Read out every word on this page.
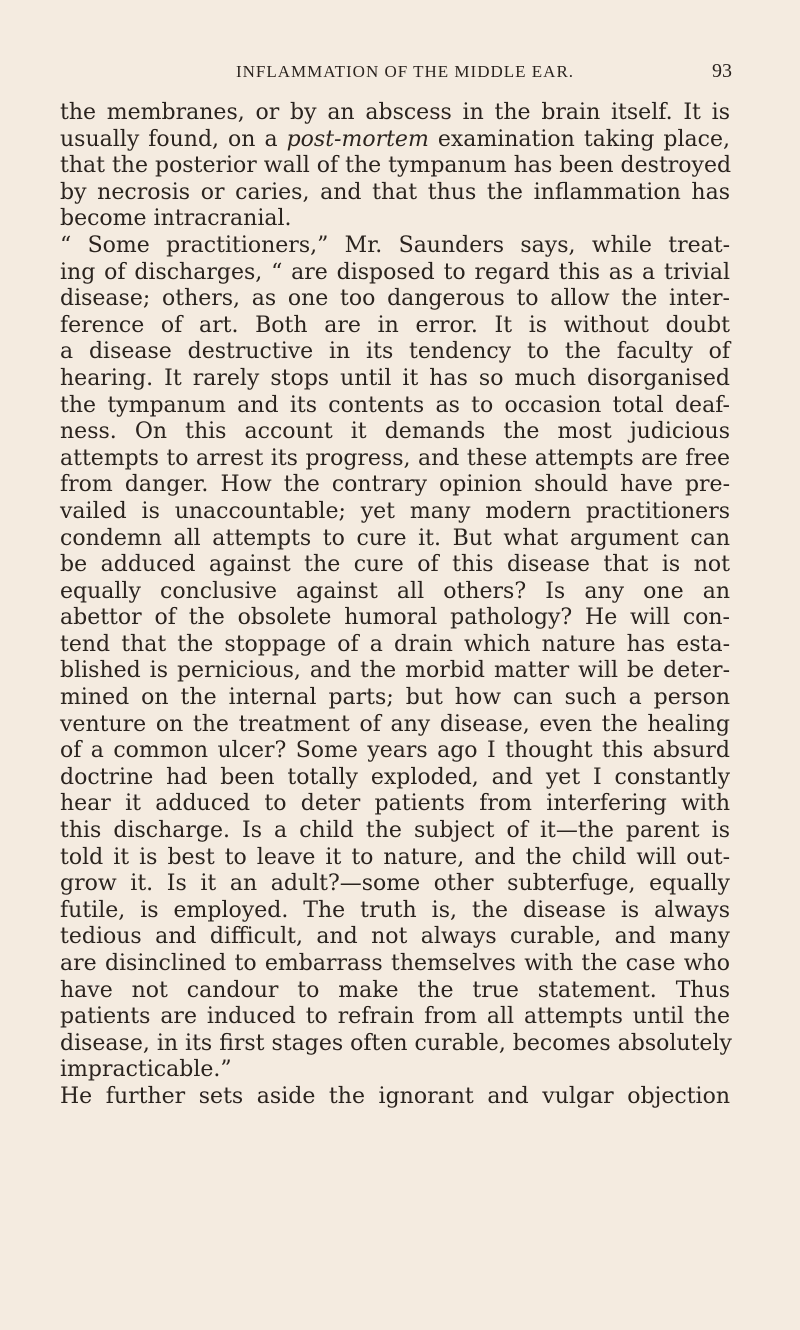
INFLAMMATION OF THE MIDDLE EAR.	93
the membranes, or by an abscess in the brain itself. It is
usually found, on a post-mortem examination taking place,
that the posterior wall of the tympanum has been destroyed
by necrosis or caries, and that thus the inflammation has
become intracranial.
“ Some practitioners,” Mr. Saunders says, while treat-
ing of discharges, “ are disposed to regard this as a trivial
disease; others, as one too dangerous to allow the inter-
ference of art. Both are in error. It is without doubt
a disease destructive in its tendency to the faculty of
hearing. It rarely stops until it has so much disorganised
the tympanum and its contents as to occasion total deaf-
ness. On this account it demands the most judicious
attempts to arrest its progress, and these attempts are free
from danger. How the contrary opinion should have pre-
vailed is unaccountable; yet many modern practitioners
condemn all attempts to cure it. But what argument can
be adduced against the cure of this disease that is not
equally conclusive against all others? Is any one an
abettor of the obsolete humoral pathology? He will con-
tend that the stoppage of a drain which nature has esta-
blished is pernicious, and the morbid matter will be deter-
mined on the internal parts; but how can such a person
venture on the treatment of any disease, even the healing
of a common ulcer? Some years ago I thought this absurd
doctrine had been totally exploded, and yet I constantly
hear it adduced to deter patients from interfering with
this discharge. Is a child the subject of it—the parent is
told it is best to leave it to nature, and the child will out-
grow it. Is it an adult?—some other subterfuge, equally
futile, is employed. The truth is, the disease is always
tedious and difficult, and not always curable, and many
are disinclined to embarrass themselves with the case who
have not candour to make the true statement. Thus
patients are induced to refrain from all attempts until the
disease, in its first stages often curable, becomes absolutely
impracticable.”
He further sets aside the ignorant and vulgar objection
